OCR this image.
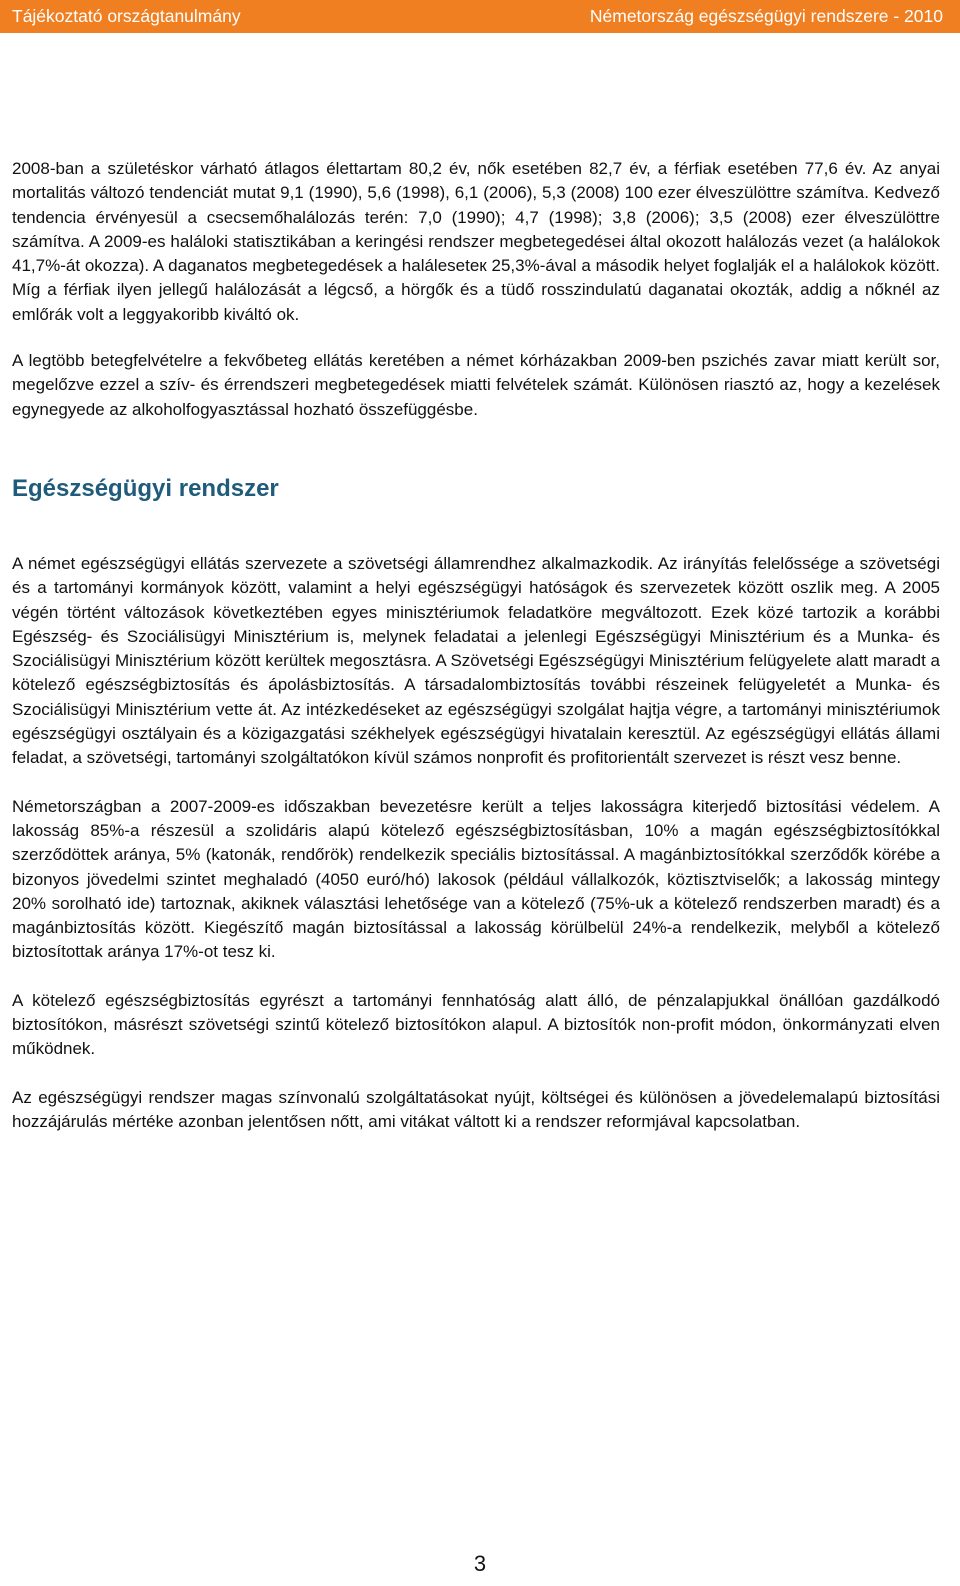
Tájékoztató országtanulmány	Németország egészségügyi rendszere - 2010

2008-ban a születéskor várható átlagos élettartam 80,2 év, nők esetében 82,7 év, a férfiak esetében 77,6 év. Az anyai mortalitás változó tendenciát mutat 9,1 (1990), 5,6 (1998), 6,1 (2006), 5,3 (2008) 100 ezer élveszülöttre számítva. Kedvező tendencia érvényesül a csecsemőhalálozás terén: 7,0 (1990); 4,7 (1998); 3,8 (2006); 3,5 (2008) ezer élveszülöttre számítva. A 2009-es haláloki statisztikában a keringési rendszer megbetegedései által okozott halálozás vezet (a halálokok 41,7%-át okozza). A daganatos megbetegedések a haláleseteк 25,3%-ával a második helyet foglalják el a halálokok között. Míg a férfiak ilyen jellegű halálozását a légcső, a hörgők és a tüdő rosszindulatú daganatai okozták, addig a nőknél az emlőrák volt a leggyakoribb kiváltó ok.

A legtöbb betegfelvételre a fekvőbeteg ellátás keretében a német kórházakban 2009-ben pszichés zavar miatt került sor, megelőzve ezzel a szív- és érrendszeri megbetegedések miatti felvételek számát. Különösen riasztó az, hogy a kezelések egynegyede az alkoholfogyasztással hozható összefüggésbe.

Egészségügyi rendszer

A német egészségügyi ellátás szervezete a szövetségi államrendhez alkalmazkodik. Az irányítás felelőssége a szövetségi és a tartományi kormányok között, valamint a helyi egészségügyi hatóságok és szervezetek között oszlik meg. A 2005 végén történt változások következtében egyes minisztériumok feladatköre megváltozott. Ezek közé tartozik a korábbi Egészség- és Szociálisügyi Minisztérium is, melynek feladatai a jelenlegi Egészségügyi Minisztérium és a Munka- és Szociálisügyi Minisztérium között kerültek megosztásra. A Szövetségi Egészségügyi Minisztérium felügyelete alatt maradt a kötelező egészségbiztosítás és ápolásbiztosítás. A társadalombiztosítás további részeinek felügyeletét a Munka- és Szociálisügyi Minisztérium vette át. Az intézkedéseket az egészségügyi szolgálat hajtja végre, a tartományi minisztériumok egészségügyi osztályain és a közigazgatási székhelyek egészségügyi hivatalain keresztül. Az egészségügyi ellátás állami feladat, a szövetségi, tartományi szolgáltatókon kívül számos nonprofit és profitorientált szervezet is részt vesz benne.

Németországban a 2007-2009-es időszakban bevezetésre került a teljes lakosságra kiterjedő biztosítási védelem. A lakosság 85%-a részesül a szolidáris alapú kötelező egészségbiztosításban, 10% a magán egészségbiztosítókkal szerződöttek aránya, 5% (katonák, rendőrök) rendelkezik speciális biztosítással. A magánbiztosítókkal szerződők körébe a bizonyos jövedelmi szintet meghaladó (4050 euró/hó) lakosok (például vállalkozók, köztisztviselők; a lakosság mintegy 20% sorolható ide) tartoznak, akiknek választási lehetősége van a kötelező (75%-uk a kötelező rendszerben maradt) és a magánbiztosítás között. Kiegészítő magán biztosítással a lakosság körülbelül 24%-a rendelkezik, melyből a kötelező biztosítottak aránya 17%-ot tesz ki.

A kötelező egészségbiztosítás egyrészt a tartományi fennhatóság alatt álló, de pénzalapjukkal önállóan gazdálkodó biztosítókon, másrészt szövetségi szintű kötelező biztosítókon alapul. A biztosítók non-profit módon, önkormányzati elven működnek.

Az egészségügyi rendszer magas színvonalú szolgáltatásokat nyújt, költségei és különösen a jövedelemalapú biztosítási hozzájárulás mértéke azonban jelentősen nőtt, ami vitákat váltott ki a rendszer reformjával kapcsolatban.

3
